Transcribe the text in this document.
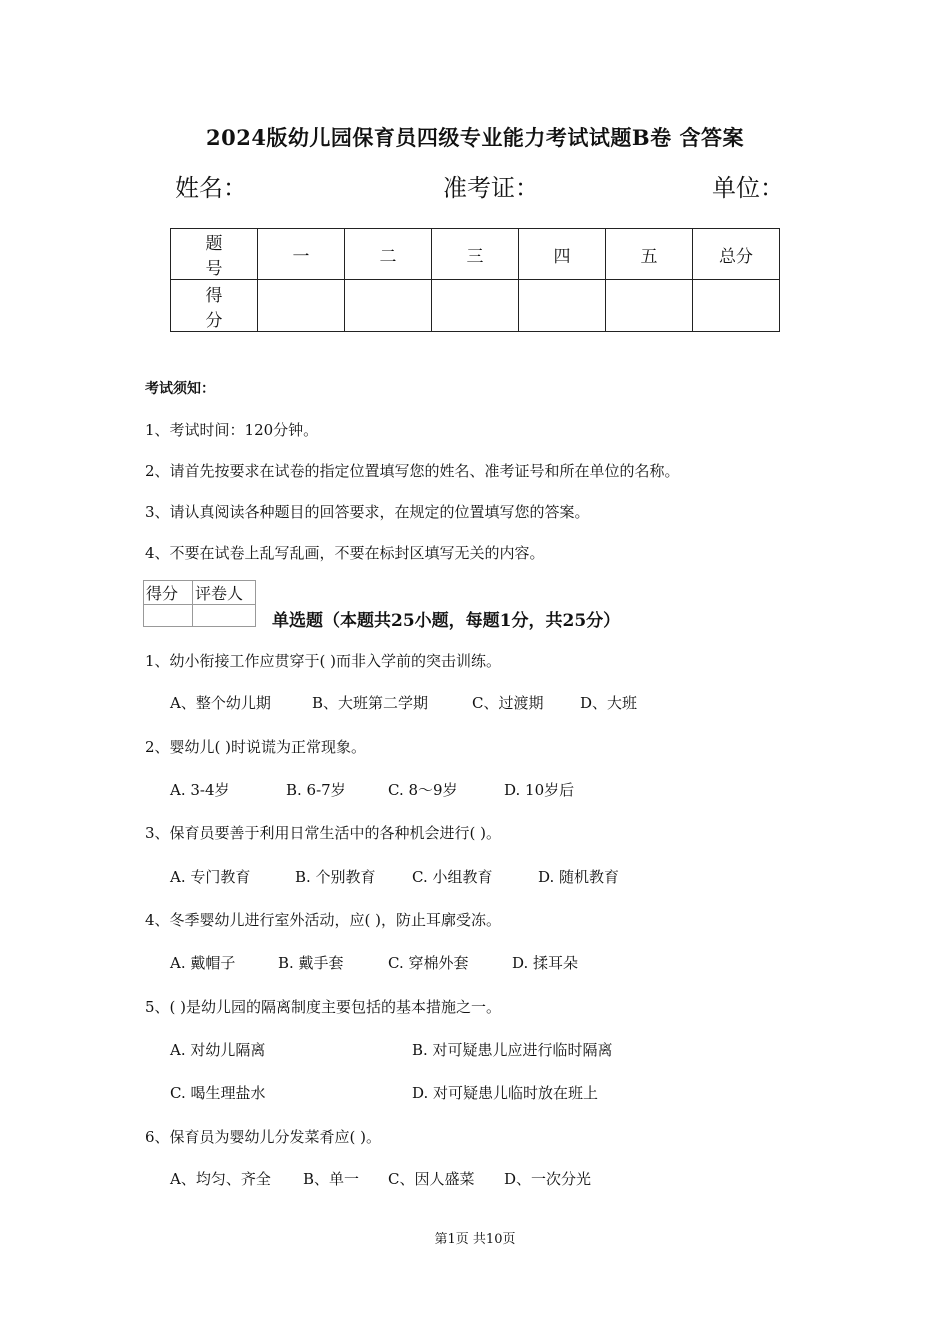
2024版幼儿园保育员四级专业能力考试试题B卷 含答案
姓名：	准考证：	单位：
题号	一	二	三	四	五	总分
得分						
考试须知：
1、考试时间：120分钟。
2、请首先按要求在试卷的指定位置填写您的姓名、准考证号和所在单位的名称。
3、请认真阅读各种题目的回答要求，在规定的位置填写您的答案。
4、不要在试卷上乱写乱画，不要在标封区填写无关的内容。
得分	评卷人

单选题（本题共25小题，每题1分，共25分）
1、幼小衔接工作应贯穿于( )而非入学前的突击训练。
A、整个幼儿期	B、大班第二学期	C、过渡期 D、大班
2、婴幼儿( )时说谎为正常现象。
A. 3-4岁	B. 6-7岁	C. 8～9岁	D. 10岁后
3、保育员要善于利用日常生活中的各种机会进行( )。
A. 专门教育	B. 个别教育 C. 小组教育	D. 随机教育
4、冬季婴幼儿进行室外活动，应( )，防止耳廓受冻。
A. 戴帽子	B. 戴手套	C. 穿棉外套	D. 揉耳朵
5、( )是幼儿园的隔离制度主要包括的基本措施之一。
A. 对幼儿隔离	B. 对可疑患儿应进行临时隔离
C. 喝生理盐水	D. 对可疑患儿临时放在班上
6、保育员为婴幼儿分发菜肴应( )。
A、均匀、齐全 B、单一 C、因人盛菜 D、一次分光
第1页 共10页
